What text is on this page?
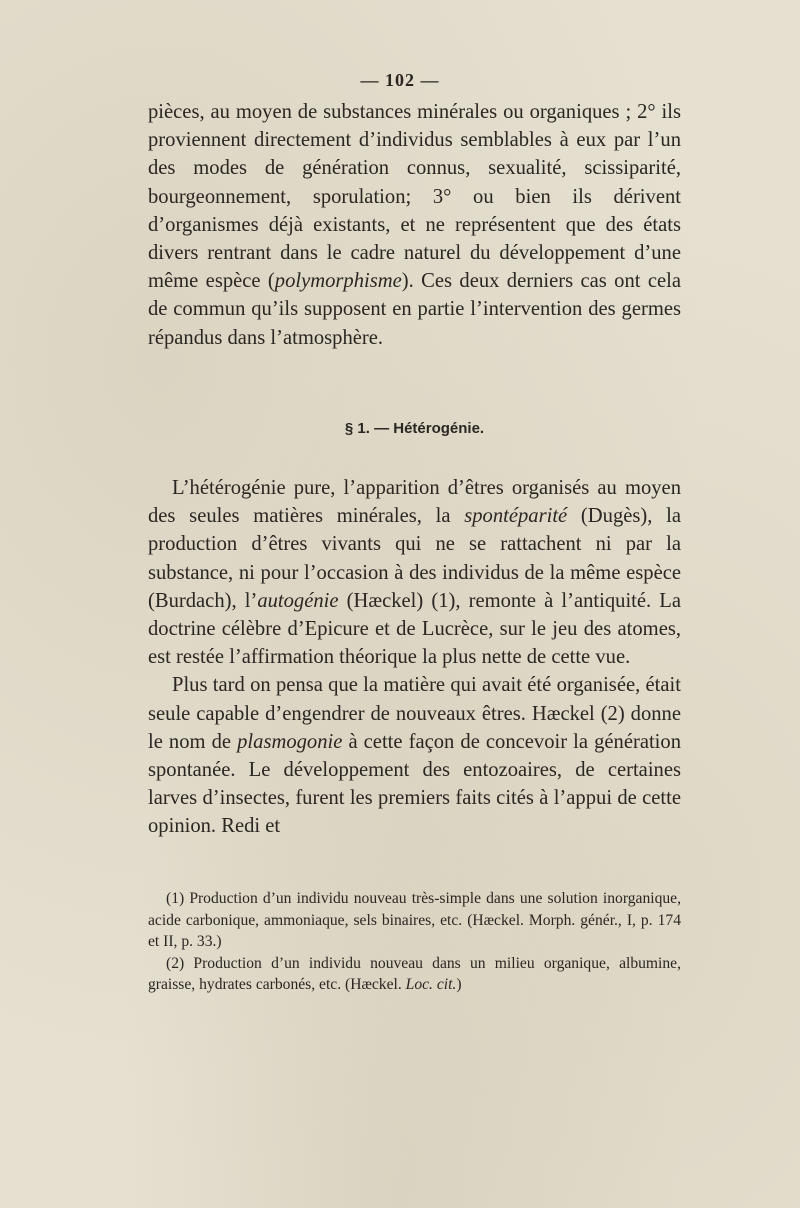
— 102 —

pièces, au moyen de substances minérales ou organiques ; 2° ils proviennent directement d’individus semblables à eux par l’un des modes de génération connus, sexualité, scissiparité, bourgeonnement, sporulation; 3° ou bien ils dérivent d’organismes déjà existants, et ne représentent que des états divers rentrant dans le cadre naturel du développement d’une même espèce (polymorphisme). Ces deux derniers cas ont cela de commun qu’ils supposent en partie l’intervention des germes répandus dans l’atmosphère.

§ 1. — Hétérogénie.

L’hétérogénie pure, l’apparition d’êtres organisés au moyen des seules matières minérales, la spontéparité (Dugès), la production d’êtres vivants qui ne se rattachent ni par la substance, ni pour l’occasion à des individus de la même espèce (Burdach), l’autogénie (Hæckel) (1), remonte à l’antiquité. La doctrine célèbre d’Epicure et de Lucrèce, sur le jeu des atomes, est restée l’affirmation théorique la plus nette de cette vue.

Plus tard on pensa que la matière qui avait été organisée, était seule capable d’engendrer de nouveaux êtres. Hæckel (2) donne le nom de plasmogonie à cette façon de concevoir la génération spontanée. Le développement des entozoaires, de certaines larves d’insectes, furent les premiers faits cités à l’appui de cette opinion. Redi et

(1) Production d’un individu nouveau très-simple dans une solution inorganique, acide carbonique, ammoniaque, sels binaires, etc. (Hæckel. Morph. génér., I, p. 174 et II, p. 33.)

(2) Production d’un individu nouveau dans un milieu organique, albumine, graisse, hydrates carbonés, etc. (Hæckel. Loc. cit.)
